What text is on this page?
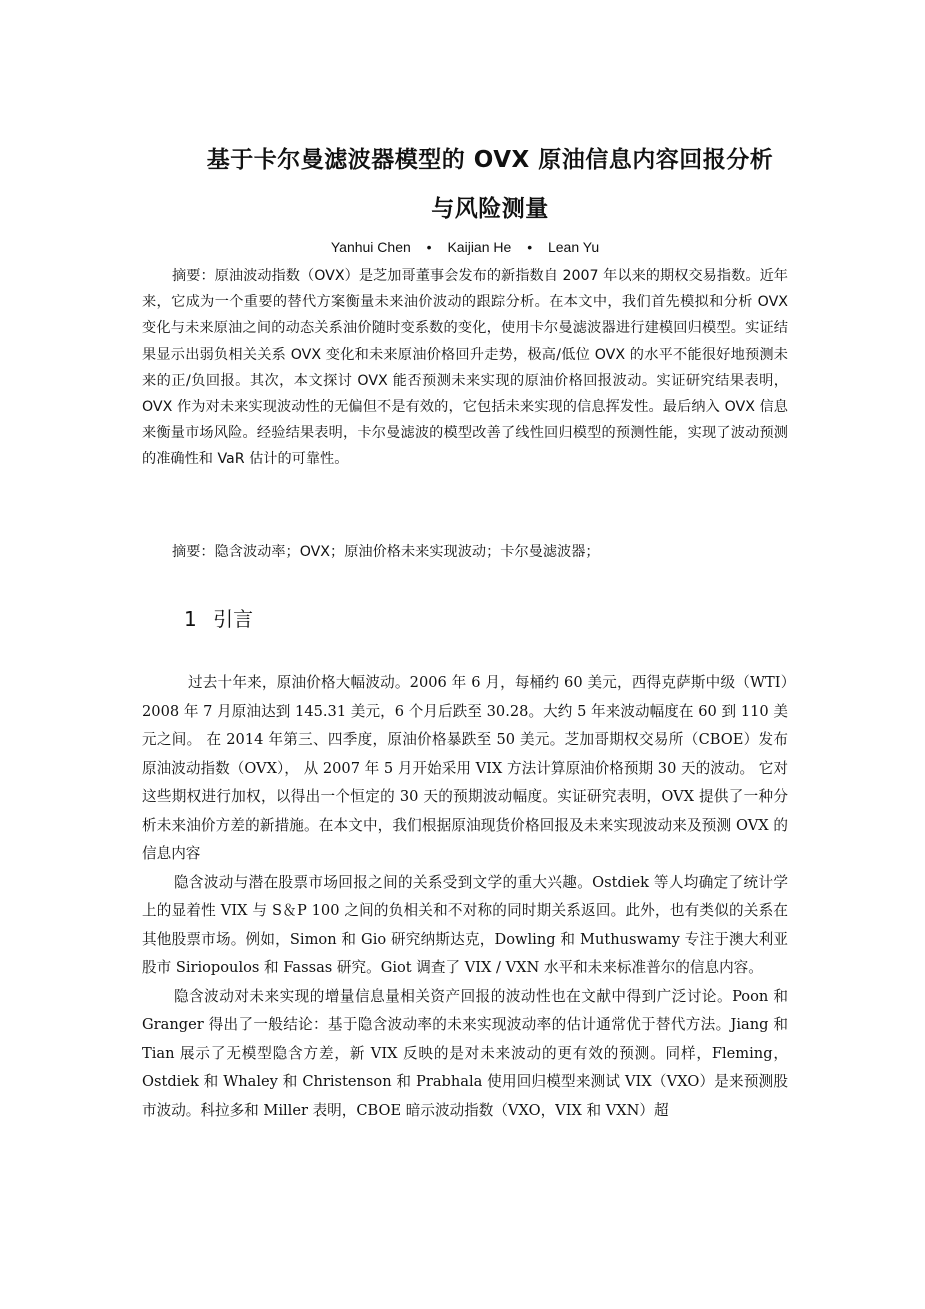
基于卡尔曼滤波器模型的 OVX 原油信息内容回报分析
与风险测量
Yanhui Chen • Kaijian He • Lean Yu

摘要：原油波动指数（OVX）是芝加哥董事会发布的新指数自 2007 年以来的期权交易指数。近年来，它成为一个重要的替代方案衡量未来油价波动的跟踪分析。在本文中，我们首先模拟和分析 OVX 变化与未来原油之间的动态关系油价随时变系数的变化，使用卡尔曼滤波器进行建模回归模型。实证结果显示出弱负相关关系 OVX 变化和未来原油价格回升走势，极高/低位 OVX 的水平不能很好地预测未来的正/负回报。其次，本文探讨 OVX 能否预测未来实现的原油价格回报波动。实证研究结果表明，OVX 作为对未来实现波动性的无偏但不是有效的，它包括未来实现的信息挥发性。最后纳入 OVX 信息来衡量市场风险。经验结果表明，卡尔曼滤波的模型改善了线性回归模型的预测性能，实现了波动预测的准确性和 VaR 估计的可靠性。

摘要：隐含波动率；OVX；原油价格未来实现波动；卡尔曼滤波器；

1 引言

过去十年来，原油价格大幅波动。2006 年 6 月，每桶约 60 美元，西得克萨斯中级（WTI）2008 年 7 月原油达到 145.31 美元，6 个月后跌至 30.28。大约 5 年来波动幅度在 60 到 110 美元之间。 在 2014 年第三、四季度，原油价格暴跌至 50 美元。芝加哥期权交易所（CBOE）发布原油波动指数（OVX）， 从 2007 年 5 月开始采用 VIX 方法计算原油价格预期 30 天的波动。 它对这些期权进行加权，以得出一个恒定的 30 天的预期波动幅度。实证研究表明，OVX 提供了一种分析未来油价方差的新措施。在本文中，我们根据原油现货价格回报及未来实现波动来及预测 OVX 的信息内容

隐含波动与潜在股票市场回报之间的关系受到文学的重大兴趣。Ostdiek 等人均确定了统计学上的显着性 VIX 与 S＆P 100 之间的负相关和不对称的同时期关系返回。此外，也有类似的关系在其他股票市场。例如，Simon 和 Gio 研究纳斯达克，Dowling 和 Muthuswamy 专注于澳大利亚股市 Siriopoulos 和 Fassas 研究。Giot 调查了 VIX / VXN 水平和未来标准普尔的信息内容。

隐含波动对未来实现的增量信息量相关资产回报的波动性也在文献中得到广泛讨论。Poon 和 Granger 得出了一般结论：基于隐含波动率的未来实现波动率的估计通常优于替代方法。Jiang 和 Tian 展示了无模型隐含方差，新 VIX 反映的是对未来波动的更有效的预测。同样，Fleming，Ostdiek 和 Whaley 和 Christenson 和 Prabhala 使用回归模型来测试 VIX（VXO）是来预测股市波动。科拉多和 Miller 表明，CBOE 暗示波动指数（VXO，VIX 和 VXN）超
